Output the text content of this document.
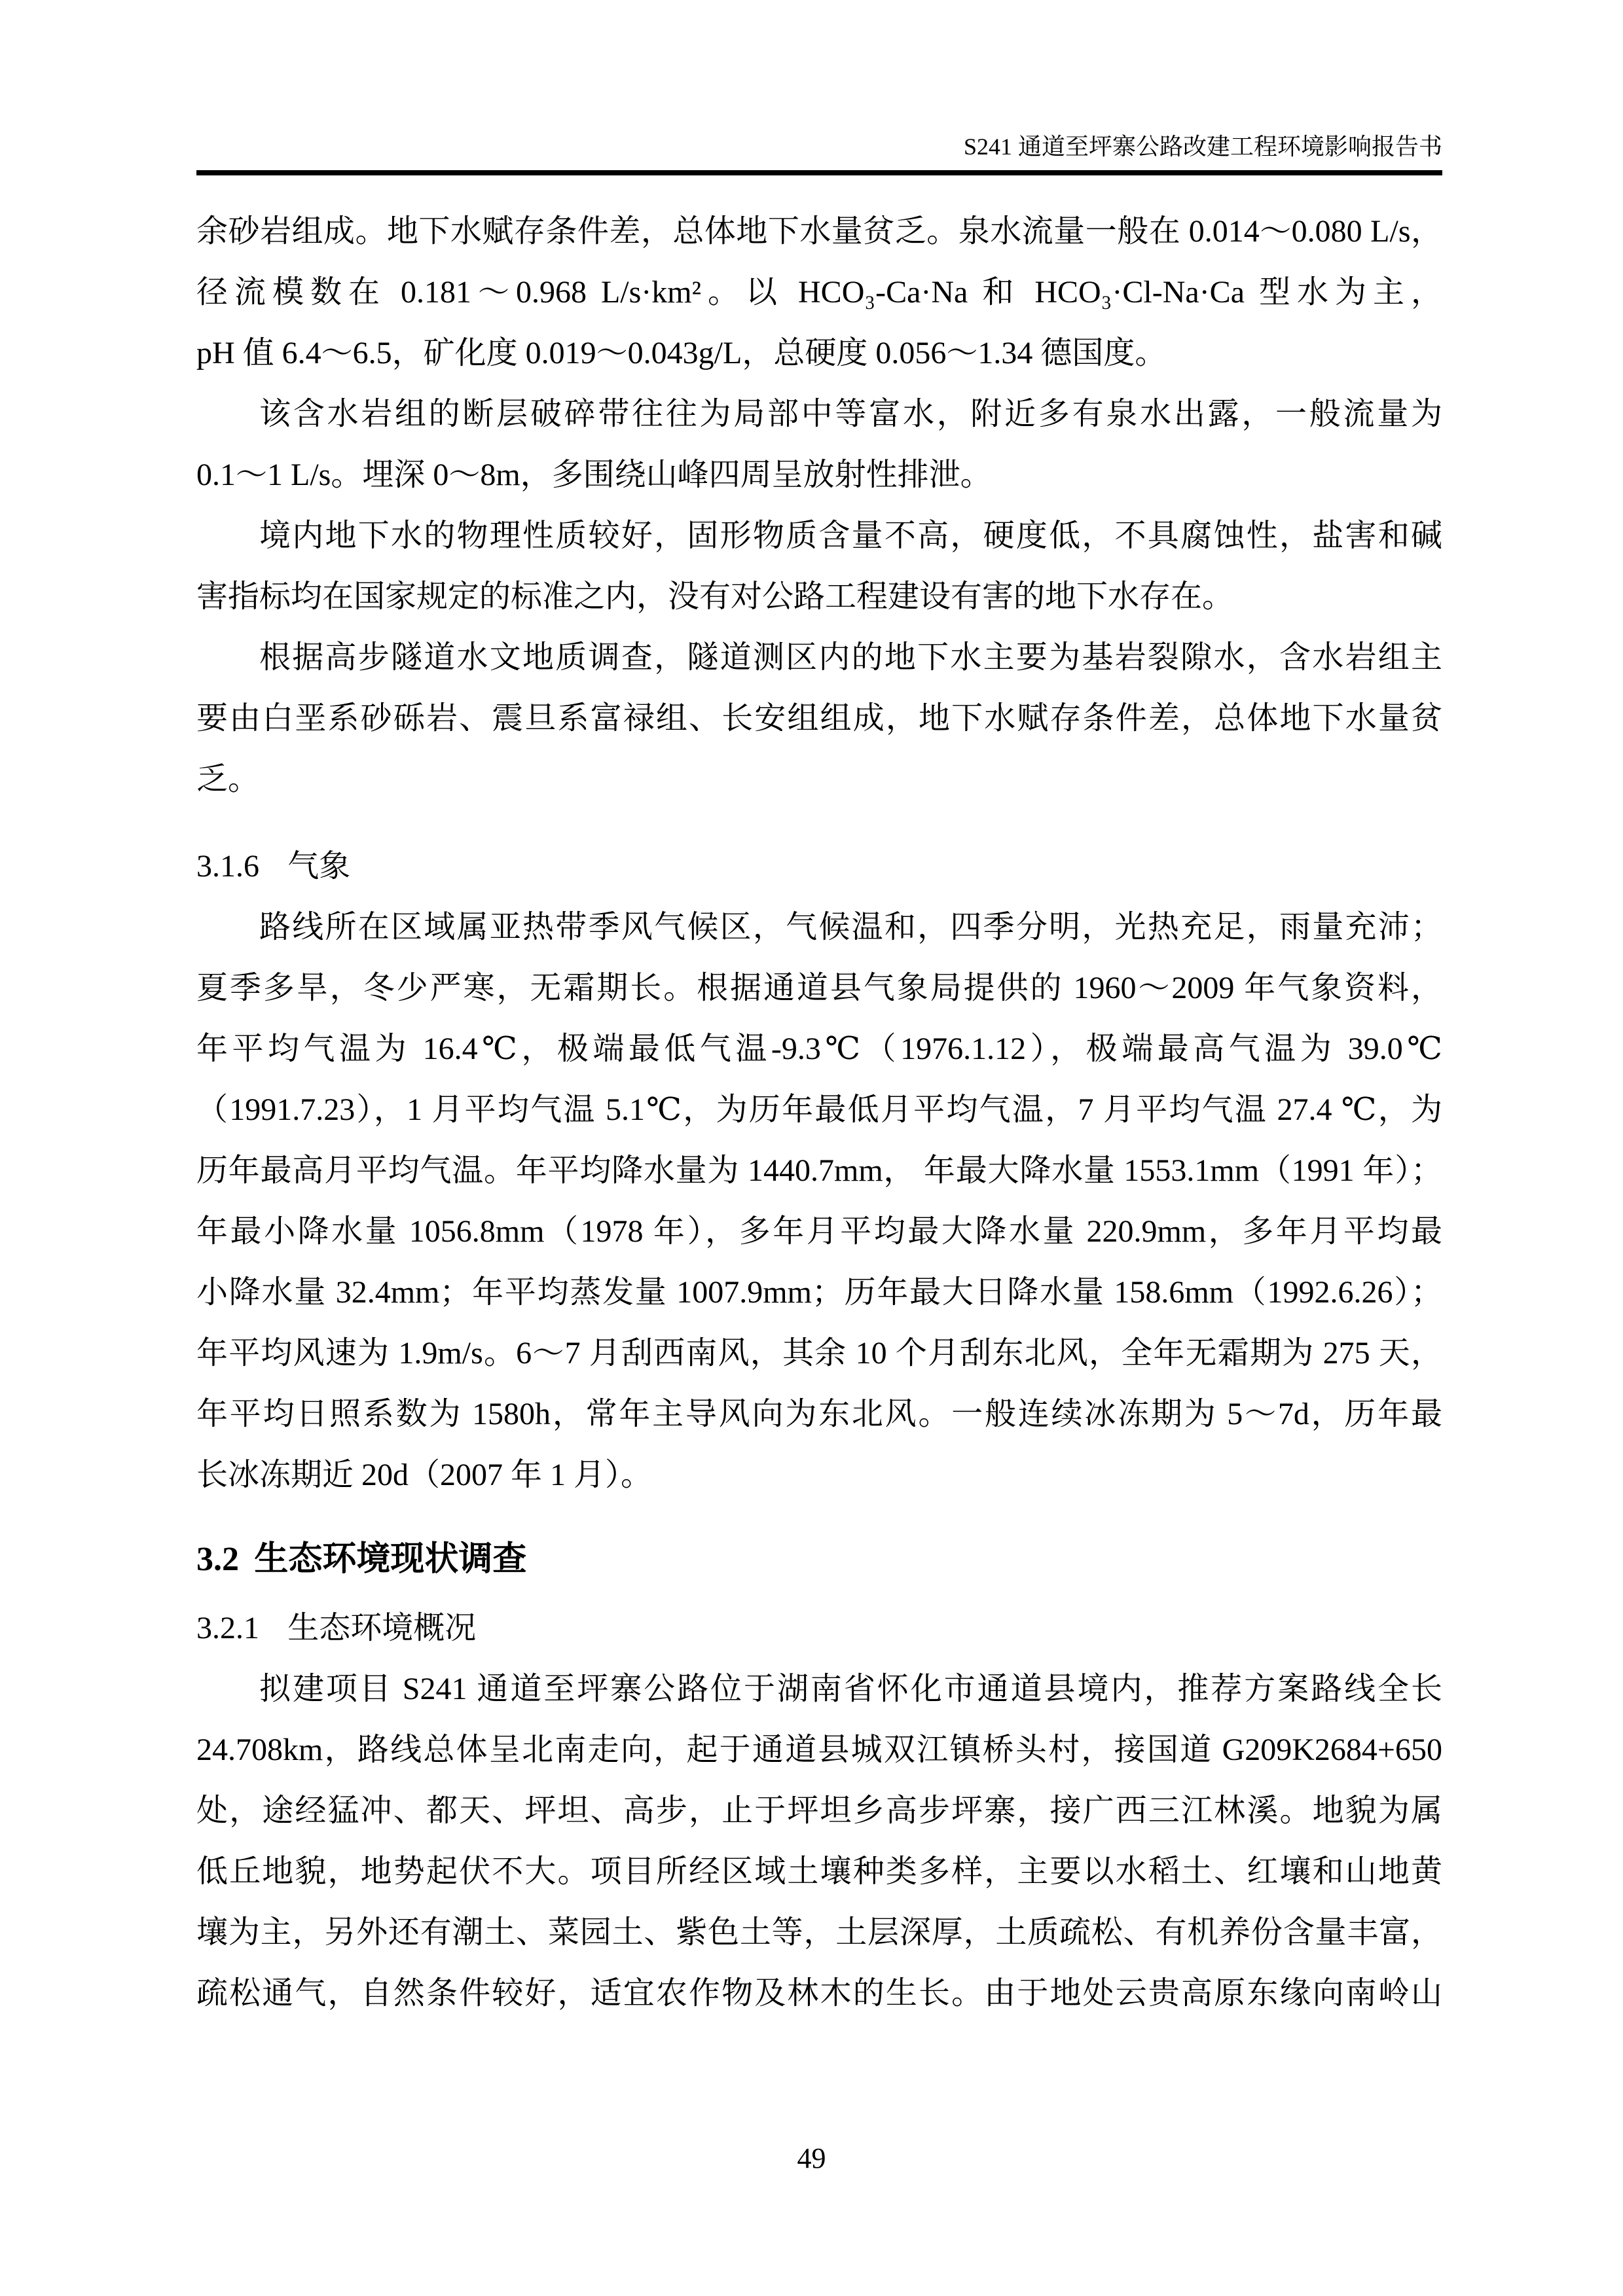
S241 通道至坪寨公路改建工程环境影响报告书
余砂岩组成。地下水赋存条件差，总体地下水量贫乏。泉水流量一般在 0.014～0.080 L/s，
径流模数在 0.181～0.968 L/s·km²。以 HCO₃-Ca·Na 和 HCO₃·Cl-Na·Ca 型水为主，
pH 值 6.4～6.5，矿化度 0.019～0.043g/L，总硬度 0.056～1.34 德国度。
该含水岩组的断层破碎带往往为局部中等富水，附近多有泉水出露，一般流量为
0.1～1 L/s。埋深 0～8m，多围绕山峰四周呈放射性排泄。
境内地下水的物理性质较好，固形物质含量不高，硬度低，不具腐蚀性，盐害和碱
害指标均在国家规定的标准之内，没有对公路工程建设有害的地下水存在。
根据高步隧道水文地质调查，隧道测区内的地下水主要为基岩裂隙水，含水岩组主
要由白垩系砂砾岩、震旦系富禄组、长安组组成，地下水赋存条件差，总体地下水量贫
乏。
3.1.6 气象
路线所在区域属亚热带季风气候区，气候温和，四季分明，光热充足，雨量充沛；
夏季多旱，冬少严寒，无霜期长。根据通道县气象局提供的 1960～2009 年气象资料，
年平均气温为 16.4℃，极端最低气温-9.3℃（1976.1.12），极端最高气温为 39.0℃
（1991.7.23），1 月平均气温 5.1℃，为历年最低月平均气温，7 月平均气温 27.4 ℃，为
历年最高月平均气温。年平均降水量为 1440.7mm， 年最大降水量 1553.1mm（1991 年）；
年最小降水量 1056.8mm（1978 年），多年月平均最大降水量 220.9mm，多年月平均最
小降水量 32.4mm；年平均蒸发量 1007.9mm；历年最大日降水量 158.6mm（1992.6.26）；
年平均风速为 1.9m/s。6～7 月刮西南风，其余 10 个月刮东北风，全年无霜期为 275 天，
年平均日照系数为 1580h，常年主导风向为东北风。一般连续冰冻期为 5～7d，历年最
长冰冻期近 20d（2007 年 1 月）。
3.2 生态环境现状调查
3.2.1 生态环境概况
拟建项目 S241 通道至坪寨公路位于湖南省怀化市通道县境内，推荐方案路线全长
24.708km，路线总体呈北南走向，起于通道县城双江镇桥头村，接国道 G209K2684+650
处，途经猛冲、都天、坪坦、高步，止于坪坦乡高步坪寨，接广西三江林溪。地貌为属
低丘地貌，地势起伏不大。项目所经区域土壤种类多样，主要以水稻土、红壤和山地黄
壤为主，另外还有潮土、菜园土、紫色土等，土层深厚，土质疏松、有机养份含量丰富，
疏松通气，自然条件较好，适宜农作物及林木的生长。由于地处云贵高原东缘向南岭山
49
